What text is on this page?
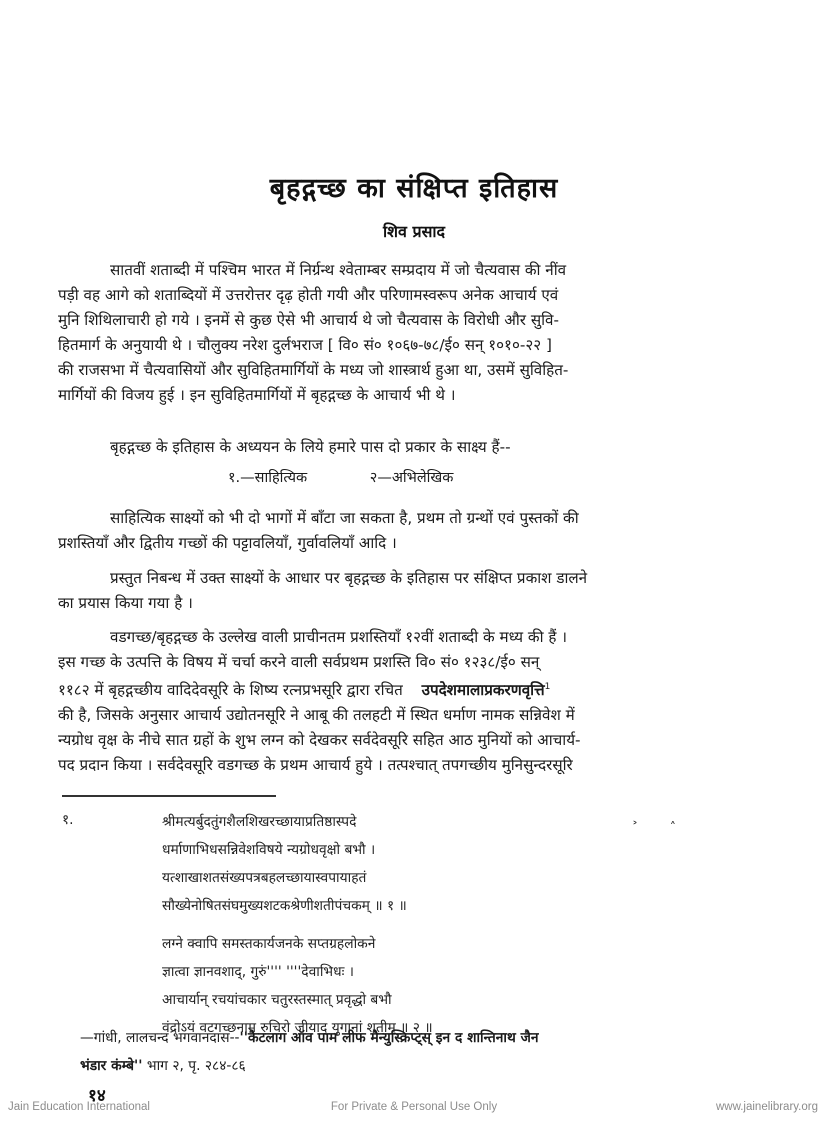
बृहद्गच्छ का संक्षिप्त इतिहास
शिव प्रसाद
सातवीं शताब्दी में पश्चिम भारत में निर्ग्रन्थ श्वेताम्बर सम्प्रदाय में जो चैत्यवास की नींव
पड़ी वह आगे को शताब्दियों में उत्तरोत्तर दृढ़ होती गयी और परिणामस्वरूप अनेक आचार्य एवं
मुनि शिथिलाचारी हो गये । इनमें से कुछ ऐसे भी आचार्य थे जो चैत्यवास के विरोधी और सुवि-
हितमार्ग के अनुयायी थे । चौलुक्य नरेश दुर्लभराज [ वि० सं० १०६७-७८/ई० सन् १०१०-२२ ]
की राजसभा में चैत्यवासियों और सुविहितमार्गियों के मध्य जो शास्त्रार्थ हुआ था, उसमें सुविहित-
मार्गियों की विजय हुई । इन सुविहितमार्गियों में बृहद्गच्छ के आचार्य भी थे ।
बृहद्गच्छ के इतिहास के अध्ययन के लिये हमारे पास दो प्रकार के साक्ष्य हैं--
१.—साहित्यिक	२—अभिलेखिक
साहित्यिक साक्ष्यों को भी दो भागों में बाँटा जा सकता है, प्रथम तो ग्रन्थों एवं पुस्तकों की
प्रशस्तियाँ और द्वितीय गच्छों की पट्टावलियाँ, गुर्वावलियाँ आदि ।
प्रस्तुत निबन्ध में उक्त साक्ष्यों के आधार पर बृहद्गच्छ के इतिहास पर संक्षिप्त प्रकाश डालने
का प्रयास किया गया है ।
वडगच्छ/बृहद्गच्छ के उल्लेख वाली प्राचीनतम प्रशस्तियाँ १२वीं शताब्दी के मध्य की हैं ।
इस गच्छ के उत्पत्ति के विषय में चर्चा करने वाली सर्वप्रथम प्रशस्ति वि० सं० १२३८/ई० सन्
११८२ में बृहद्गच्छीय वादिदेवसूरि के शिष्य रत्नप्रभसूरि द्वारा रचित उपदेशमालाप्रकरणवृत्ति$^1$
की है, जिसके अनुसार आचार्य उद्योतनसूरि ने आबू की तलहटी में स्थित धर्माण नामक सन्निवेश में
न्यग्रोध वृक्ष के नीचे सात ग्रहों के शुभ लग्न को देखकर सर्वदेवसूरि सहित आठ मुनियों को आचार्य-
पद प्रदान किया । सर्वदेवसूरि वडगच्छ के प्रथम आचार्य हुये । तत्पश्चात् तपगच्छीय मुनिसुन्दरसूरि
˃ ˄
१.	श्रीमत्यर्बुदतुंगशैलशिखरच्छायाप्रतिष्ठास्पदे
धर्माणाभिधसन्निवेशविषये न्यग्रोधवृक्षो बभौ ।
यत्शाखाशतसंख्यपत्रबहलच्छायास्वपायाहतं
सौख्येनोषितसंघमुख्यशटकश्रेणीशतीपंचकम् ॥ १ ॥
लग्ने क्वापि समस्तकार्यजनके सप्तग्रहलोकने
ज्ञात्वा ज्ञानवशाद्, गुरुं'''' ''''देवाभिधः ।
आचार्यान् रचयांचकार चतुरस्तस्मात् प्रवृद्धो बभौ
वंद्रोऽयं वटगच्छनाम रुचिरो जीयाद् युगानां शतीम् ॥ २ ॥
—गांधी, लालचन्द भगवानदास--''कैटलाग ऑव पाम लीफ मैन्युस्क्रिप्ट्स् इन द शान्तिनाथ जैन
भंडार कंम्बे'' भाग २, पृ. २८४-८६
१४
Jain Education International	For Private & Personal Use Only	www.jainelibrary.org
